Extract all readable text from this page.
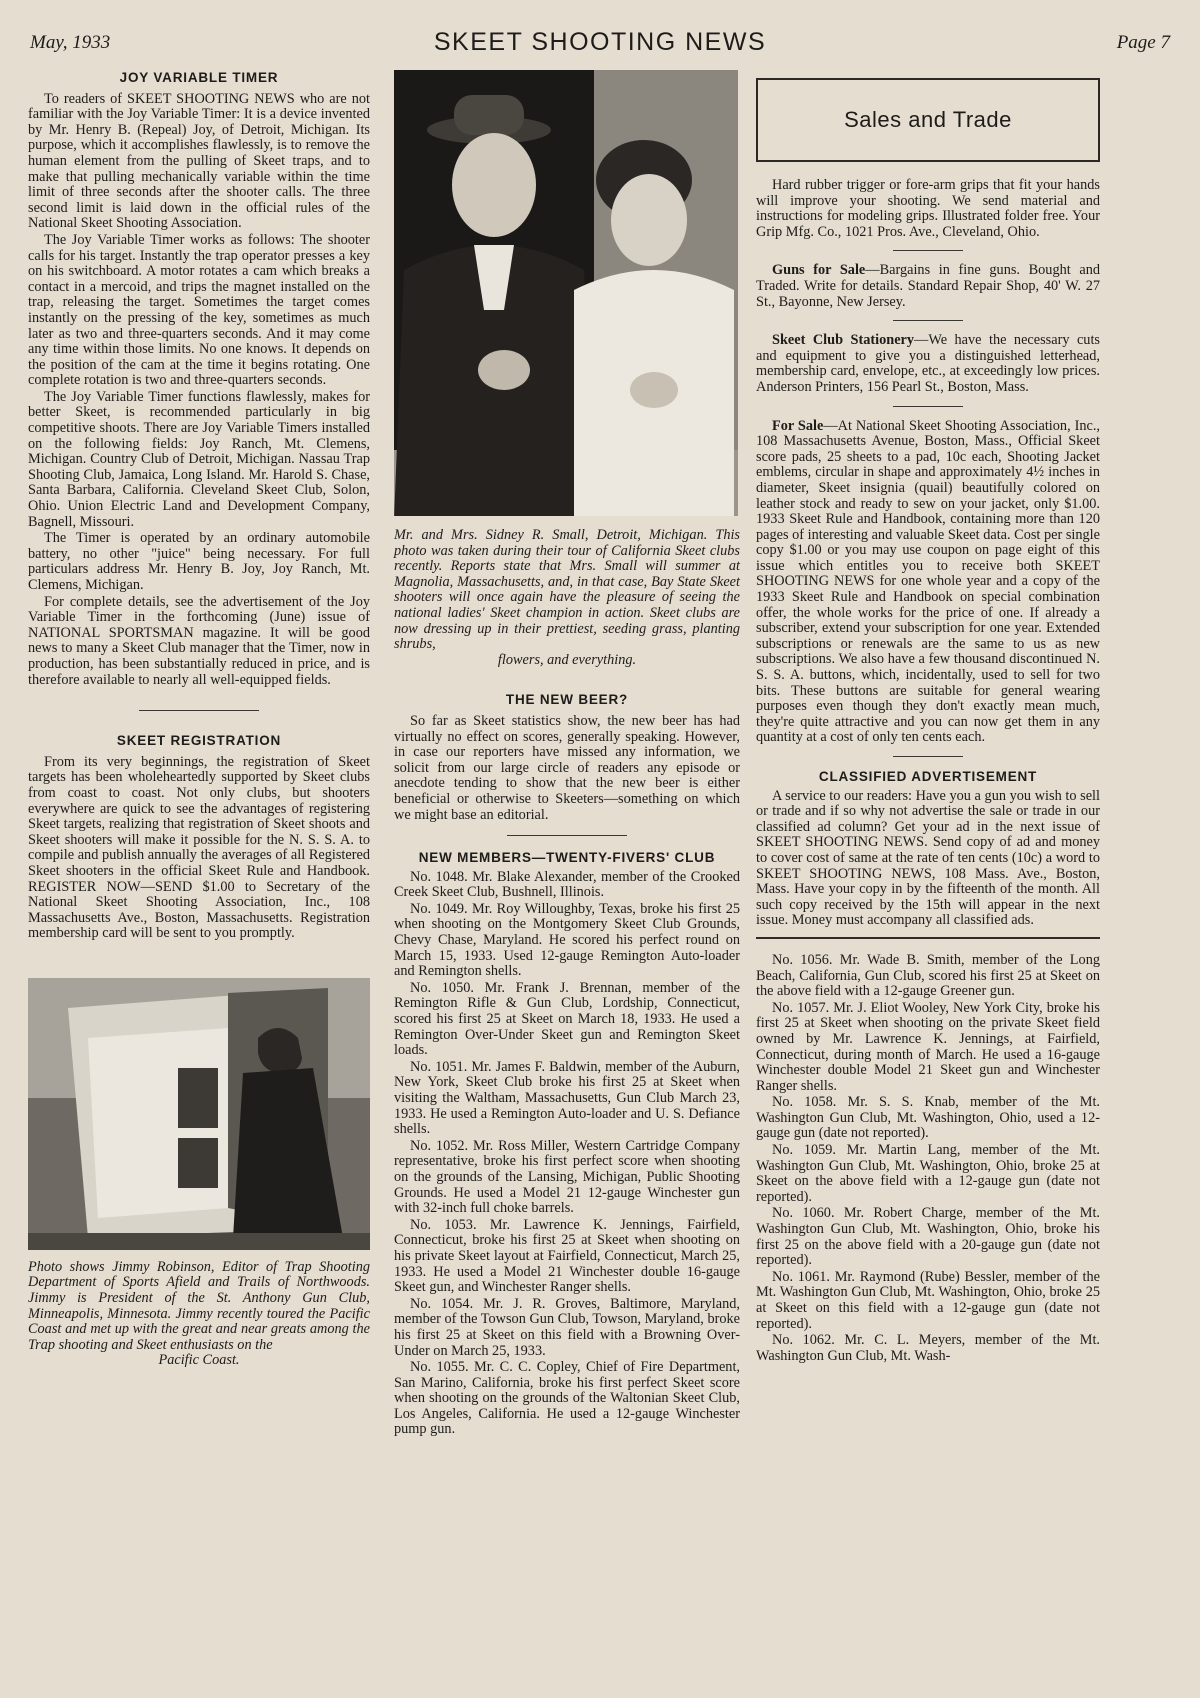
May, 1933	SKEET SHOOTING NEWS	Page 7
JOY VARIABLE TIMER

To readers of SKEET SHOOTING NEWS who are not familiar with the Joy Variable Timer: It is a device invented by Mr. Henry B. (Repeal) Joy, of Detroit, Michigan. Its purpose, which it accomplishes flawlessly, is to remove the human element from the pulling of Skeet traps, and to make that pulling mechanically variable within the time limit of three seconds after the shooter calls. The three second limit is laid down in the official rules of the National Skeet Shooting Association.

The Joy Variable Timer works as follows: The shooter calls for his target. Instantly the trap operator presses a key on his switchboard. A motor rotates a cam which breaks a contact in a mercoid, and trips the magnet installed on the trap, releasing the target. Sometimes the target comes instantly on the pressing of the key, sometimes as much later as two and three-quarters seconds. And it may come any time within those limits. No one knows. It depends on the position of the cam at the time it begins rotating. One complete rotation is two and three-quarters seconds.

The Joy Variable Timer functions flawlessly, makes for better Skeet, is recommended particularly in big competitive shoots. There are Joy Variable Timers installed on the following fields: Joy Ranch, Mt. Clemens, Michigan. Country Club of Detroit, Michigan. Nassau Trap Shooting Club, Jamaica, Long Island. Mr. Harold S. Chase, Santa Barbara, California. Cleveland Skeet Club, Solon, Ohio. Union Electric Land and Development Company, Bagnell, Missouri.

The Timer is operated by an ordinary automobile battery, no other "juice" being necessary. For full particulars address Mr. Henry B. Joy, Joy Ranch, Mt. Clemens, Michigan.

For complete details, see the advertisement of the Joy Variable Timer in the forthcoming (June) issue of NATIONAL SPORTSMAN magazine. It will be good news to many a Skeet Club manager that the Timer, now in production, has been substantially reduced in price, and is therefore available to nearly all well-equipped fields.

SKEET REGISTRATION

From its very beginnings, the registration of Skeet targets has been wholeheartedly supported by Skeet clubs from coast to coast. Not only clubs, but shooters everywhere are quick to see the advantages of registering Skeet targets, realizing that registration of Skeet shoots and Skeet shooters will make it possible for the N. S. S. A. to compile and publish annually the averages of all Registered Skeet shooters in the official Skeet Rule and Handbook. REGISTER NOW—SEND $1.00 to Secretary of the National Skeet Shooting Association, Inc., 108 Massachusetts Ave., Boston, Massachusetts. Registration membership card will be sent to you promptly.

Photo shows Jimmy Robinson, Editor of Trap Shooting Department of Sports Afield and Trails of Northwoods. Jimmy is President of the St. Anthony Gun Club, Minneapolis, Minnesota. Jimmy recently toured the Pacific Coast and met up with the great and near greats among the Trap shooting and Skeet enthusiasts on the
Pacific Coast.
Mr. and Mrs. Sidney R. Small, Detroit, Michigan. This photo was taken during their tour of California Skeet clubs recently. Reports state that Mrs. Small will summer at Magnolia, Massachusetts, and, in that case, Bay State Skeet shooters will once again have the pleasure of seeing the national ladies' Skeet champion in action. Skeet clubs are now dressing up in their prettiest, seeding grass, planting shrubs,
flowers, and everything.
THE NEW BEER?

So far as Skeet statistics show, the new beer has had virtually no effect on scores, generally speaking. However, in case our reporters have missed any information, we solicit from our large circle of readers any episode or anecdote tending to show that the new beer is either beneficial or otherwise to Skeeters—something on which we might base an editorial.

NEW MEMBERS—TWENTY-FIVERS' CLUB

No. 1048. Mr. Blake Alexander, member of the Crooked Creek Skeet Club, Bushnell, Illinois.

No. 1049. Mr. Roy Willoughby, Texas, broke his first 25 when shooting on the Montgomery Skeet Club Grounds, Chevy Chase, Maryland. He scored his perfect round on March 15, 1933. Used 12-gauge Remington Auto-loader and Remington shells.

No. 1050. Mr. Frank J. Brennan, member of the Remington Rifle & Gun Club, Lordship, Connecticut, scored his first 25 at Skeet on March 18, 1933. He used a Remington Over-Under Skeet gun and Remington Skeet loads.

No. 1051. Mr. James F. Baldwin, member of the Auburn, New York, Skeet Club broke his first 25 at Skeet when visiting the Waltham, Massachusetts, Gun Club March 23, 1933. He used a Remington Auto-loader and U. S. Defiance shells.

No. 1052. Mr. Ross Miller, Western Cartridge Company representative, broke his first perfect score when shooting on the grounds of the Lansing, Michigan, Public Shooting Grounds. He used a Model 21 12-gauge Winchester gun with 32-inch full choke barrels.

No. 1053. Mr. Lawrence K. Jennings, Fairfield, Connecticut, broke his first 25 at Skeet when shooting on his private Skeet layout at Fairfield, Connecticut, March 25, 1933. He used a Model 21 Winchester double 16-gauge Skeet gun, and Winchester Ranger shells.

No. 1054. Mr. J. R. Groves, Baltimore, Maryland, member of the Towson Gun Club, Towson, Maryland, broke his first 25 at Skeet on this field with a Browning Over-Under on March 25, 1933.

No. 1055. Mr. C. C. Copley, Chief of Fire Department, San Marino, California, broke his first perfect Skeet score when shooting on the grounds of the Waltonian Skeet Club, Los Angeles, California. He used a 12-gauge Winchester pump gun.

Sales and Trade

Hard rubber trigger or fore-arm grips that fit your hands will improve your shooting. We send material and instructions for modeling grips. Illustrated folder free. Your Grip Mfg. Co., 1021 Pros. Ave., Cleveland, Ohio.

Guns for Sale—Bargains in fine guns. Bought and Traded. Write for details. Standard Repair Shop, 40' W. 27 St., Bayonne, New Jersey.

Skeet Club Stationery—We have the necessary cuts and equipment to give you a distinguished letterhead, membership card, envelope, etc., at exceedingly low prices. Anderson Printers, 156 Pearl St., Boston, Mass.

For Sale—At National Skeet Shooting Association, Inc., 108 Massachusetts Avenue, Boston, Mass., Official Skeet score pads, 25 sheets to a pad, 10c each, Shooting Jacket emblems, circular in shape and approximately 4½ inches in diameter, Skeet insignia (quail) beautifully colored on leather stock and ready to sew on your jacket, only $1.00. 1933 Skeet Rule and Handbook, containing more than 120 pages of interesting and valuable Skeet data. Cost per single copy $1.00 or you may use coupon on page eight of this issue which entitles you to receive both SKEET SHOOTING NEWS for one whole year and a copy of the 1933 Skeet Rule and Handbook on special combination offer, the whole works for the price of one. If already a subscriber, extend your subscription for one year. Extended subscriptions or renewals are the same to us as new subscriptions. We also have a few thousand discontinued N. S. S. A. buttons, which, incidentally, used to sell for two bits. These buttons are suitable for general wearing purposes even though they don't exactly mean much, they're quite attractive and you can now get them in any quantity at a cost of only ten cents each.

CLASSIFIED ADVERTISEMENT

A service to our readers: Have you a gun you wish to sell or trade and if so why not advertise the sale or trade in our classified ad column? Get your ad in the next issue of SKEET SHOOTING NEWS. Send copy of ad and money to cover cost of same at the rate of ten cents (10c) a word to SKEET SHOOTING NEWS, 108 Mass. Ave., Boston, Mass. Have your copy in by the fifteenth of the month. All such copy received by the 15th will appear in the next issue. Money must accompany all classified ads.

No. 1056. Mr. Wade B. Smith, member of the Long Beach, California, Gun Club, scored his first 25 at Skeet on the above field with a 12-gauge Greener gun.

No. 1057. Mr. J. Eliot Wooley, New York City, broke his first 25 at Skeet when shooting on the private Skeet field owned by Mr. Lawrence K. Jennings, at Fairfield, Connecticut, during month of March. He used a 16-gauge Winchester double Model 21 Skeet gun and Winchester Ranger shells.

No. 1058. Mr. S. S. Knab, member of the Mt. Washington Gun Club, Mt. Washington, Ohio, used a 12-gauge gun (date not reported).

No. 1059. Mr. Martin Lang, member of the Mt. Washington Gun Club, Mt. Washington, Ohio, broke 25 at Skeet on the above field with a 12-gauge gun (date not reported).

No. 1060. Mr. Robert Charge, member of the Mt. Washington Gun Club, Mt. Washington, Ohio, broke his first 25 on the above field with a 20-gauge gun (date not reported).

No. 1061. Mr. Raymond (Rube) Bessler, member of the Mt. Washington Gun Club, Mt. Washington, Ohio, broke 25 at Skeet on this field with a 12-gauge gun (date not reported).

No. 1062. Mr. C. L. Meyers, member of the Mt. Washington Gun Club, Mt. Wash-
